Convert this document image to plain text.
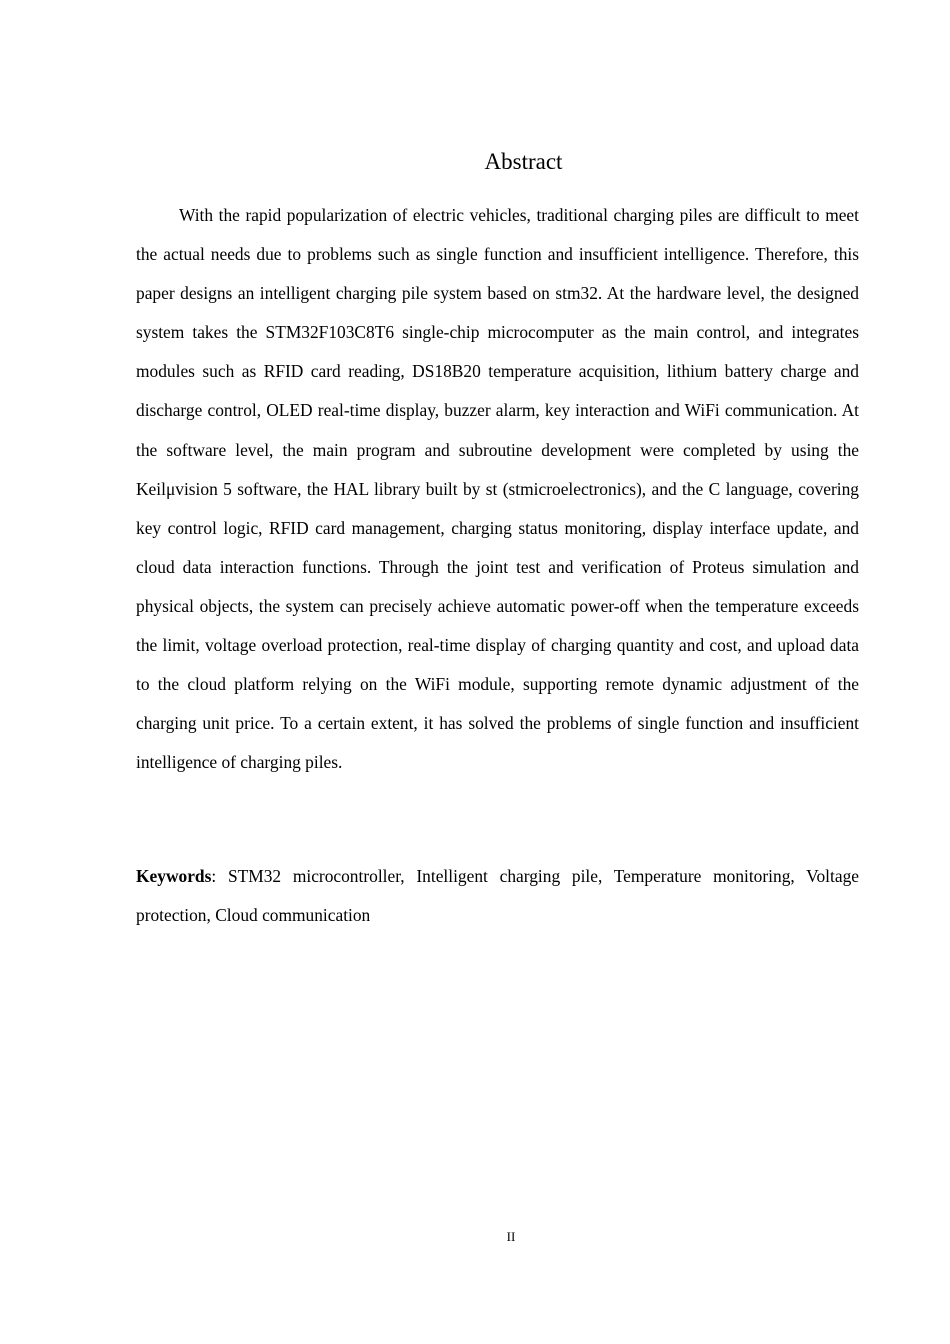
Abstract

With the rapid popularization of electric vehicles, traditional charging piles are difficult to meet the actual needs due to problems such as single function and insufficient intelligence. Therefore, this paper designs an intelligent charging pile system based on stm32. At the hardware level, the designed system takes the STM32F103C8T6 single-chip microcomputer as the main control, and integrates modules such as RFID card reading, DS18B20 temperature acquisition, lithium battery charge and discharge control, OLED real-time display, buzzer alarm, key interaction and WiFi communication. At the software level, the main program and subroutine development were completed by using the Keilμvision 5 software, the HAL library built by st (stmicroelectronics), and the C language, covering key control logic, RFID card management, charging status monitoring, display interface update, and cloud data interaction functions. Through the joint test and verification of Proteus simulation and physical objects, the system can precisely achieve automatic power-off when the temperature exceeds the limit, voltage overload protection, real-time display of charging quantity and cost, and upload data to the cloud platform relying on the WiFi module, supporting remote dynamic adjustment of the charging unit price. To a certain extent, it has solved the problems of single function and insufficient intelligence of charging piles.

Keywords: STM32 microcontroller, Intelligent charging pile, Temperature monitoring, Voltage protection, Cloud communication

II
